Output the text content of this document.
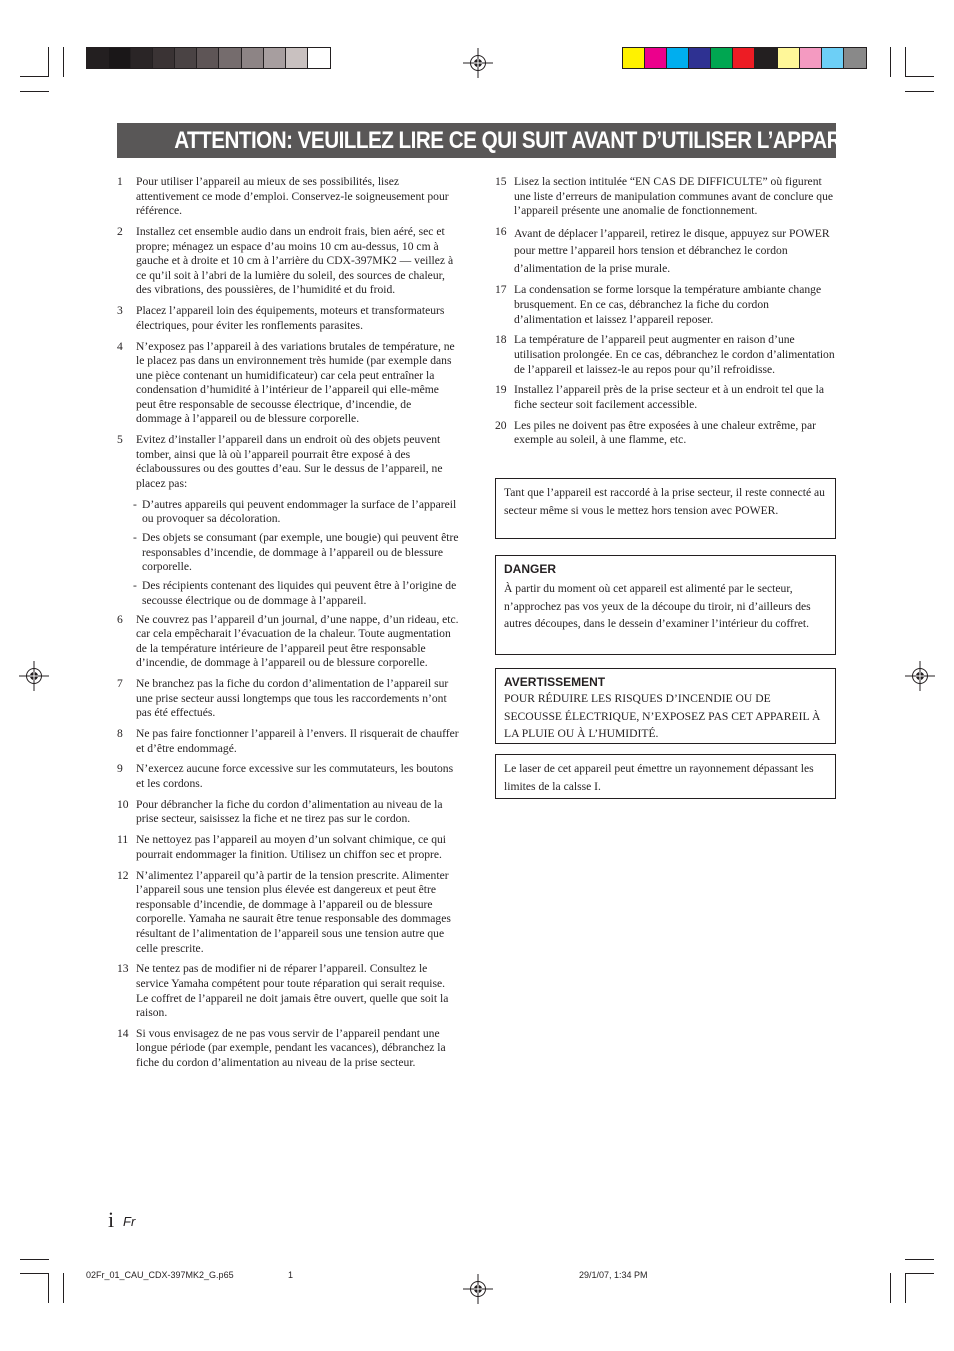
ATTENTION: VEUILLEZ LIRE CE QUI SUIT AVANT D’UTILISER L’APPAREIL.
1	Pour utiliser l’appareil au mieux de ses possibilités, lisez attentivement ce mode d’emploi. Conservez-le soigneusement pour référence.
2	Installez cet ensemble audio dans un endroit frais, bien aéré, sec et propre; ménagez un espace d’au moins 10 cm au-dessus, 10 cm à gauche et à droite et 10 cm à l’arrière du CDX-397MK2 — veillez à ce qu’il soit à l’abri de la lumière du soleil, des sources de chaleur, des vibrations, des poussières, de l’humidité et du froid.
3	Placez l’appareil loin des équipements, moteurs et transformateurs électriques, pour éviter les ronflements parasites.
4	N’exposez pas l’appareil à des variations brutales de température, ne le placez pas dans un environnement très humide (par exemple dans une pièce contenant un humidificateur) car cela peut entraîner la condensation d’humidité à l’intérieur de l’appareil qui elle-même peut être responsable de secousse électrique, d’incendie, de dommage à l’appareil ou de blessure corporelle.
5	Evitez d’installer l’appareil dans un endroit où des objets peuvent tomber, ainsi que là où l’appareil pourrait être exposé à des éclaboussures ou des gouttes d’eau. Sur le dessus de l’appareil, ne placez pas:
- D’autres appareils qui peuvent endommager la surface de l’appareil ou provoquer sa décoloration.
- Des objets se consumant (par exemple, une bougie) qui peuvent être responsables d’incendie, de dommage à l’appareil ou de blessure corporelle.
- Des récipients contenant des liquides qui peuvent être à l’origine de secousse électrique ou de dommage à l’appareil.
6	Ne couvrez pas l’appareil d’un journal, d’une nappe, d’un rideau, etc. car cela empêcharait l’évacuation de la chaleur. Toute augmentation de la température intérieure de l’appareil peut être responsable d’incendie, de dommage à l’appareil ou de blessure corporelle.
7	Ne branchez pas la fiche du cordon d’alimentation de l’appareil sur une prise secteur aussi longtemps que tous les raccordements n’ont pas été effectués.
8	Ne pas faire fonctionner l’appareil à l’envers. Il risquerait de chauffer et d’être endommagé.
9	N’exercez aucune force excessive sur les commutateurs, les boutons et les cordons.
10 Pour débrancher la fiche du cordon d’alimentation au niveau de la prise secteur, saisissez la fiche et ne tirez pas sur le cordon.
11 Ne nettoyez pas l’appareil au moyen d’un solvant chimique, ce qui pourrait endommager la finition. Utilisez un chiffon sec et propre.
12 N’alimentez l’appareil qu’à partir de la tension prescrite. Alimenter l’appareil sous une tension plus élevée est dangereux et peut être responsable d’incendie, de dommage à l’appareil ou de blessure corporelle. Yamaha ne saurait être tenue responsable des dommages résultant de l’alimentation de l’appareil sous une tension autre que celle prescrite.
13 Ne tentez pas de modifier ni de réparer l’appareil. Consultez le service Yamaha compétent pour toute réparation qui serait requise. Le coffret de l’appareil ne doit jamais être ouvert, quelle que soit la raison.
14 Si vous envisagez de ne pas vous servir de l’appareil pendant une longue période (par exemple, pendant les vacances), débranchez la fiche du cordon d’alimentation au niveau de la prise secteur.
15 Lisez la section intitulée “EN CAS DE DIFFICULTE” où figurent une liste d’erreurs de manipulation communes avant de conclure que l’appareil présente une anomalie de fonctionnement.
16 Avant de déplacer l’appareil, retirez le disque, appuyez sur POWER pour mettre l’appareil hors tension et débranchez le cordon d’alimentation de la prise murale.
17 La condensation se forme lorsque la température ambiante change brusquement. En ce cas, débranchez la fiche du cordon d’alimentation et laissez l’appareil reposer.
18 La température de l’appareil peut augmenter en raison d’une utilisation prolongée. En ce cas, débranchez le cordon d’alimentation de l’appareil et laissez-le au repos pour qu’il refroidisse.
19 Installez l’appareil près de la prise secteur et à un endroit tel que la fiche secteur soit facilement accessible.
20 Les piles ne doivent pas être exposées à une chaleur extrême, par exemple au soleil, à une flamme, etc.
Tant que l’appareil est raccordé à la prise secteur, il reste connecté au secteur même si vous le mettez hors tension avec POWER.
DANGER
À partir du moment où cet appareil est alimenté par le secteur, n’approchez pas vos yeux de la découpe du tiroir, ni d’ailleurs des autres découpes, dans le dessein d’examiner l’intérieur du coffret.
AVERTISSEMENT
POUR RÉDUIRE LES RISQUES D’INCENDIE OU DE SECOUSSE ÉLECTRIQUE, N’EXPOSEZ PAS CET APPAREIL À LA PLUIE OU À L’HUMIDITÉ.
Le laser de cet appareil peut émettre un rayonnement dépassant les limites de la calsse I.
i Fr
02Fr_01_CAU_CDX-397MK2_G.p65	1	29/1/07, 1:34 PM
